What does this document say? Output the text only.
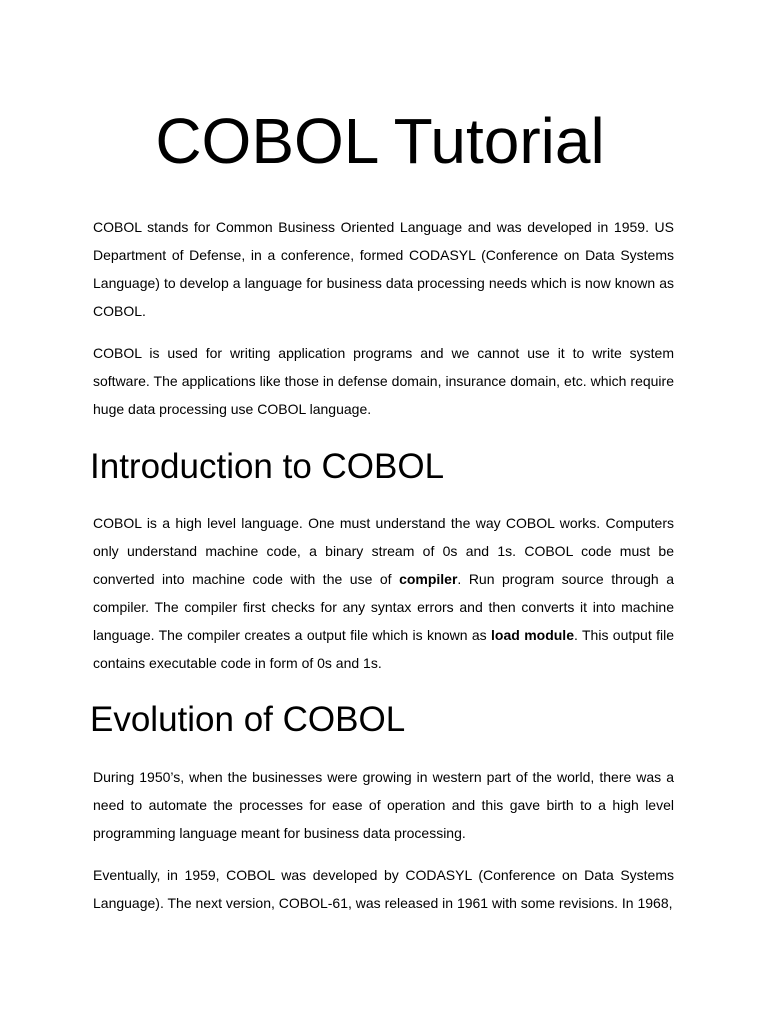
COBOL Tutorial

COBOL stands for Common Business Oriented Language and was developed in 1959. US Department of Defense, in a conference, formed CODASYL (Conference on Data Systems Language) to develop a language for business data processing needs which is now known as COBOL.

COBOL is used for writing application programs and we cannot use it to write system software. The applications like those in defense domain, insurance domain, etc. which require huge data processing use COBOL language.

Introduction to COBOL

COBOL is a high level language. One must understand the way COBOL works. Computers only understand machine code, a binary stream of 0s and 1s. COBOL code must be converted into machine code with the use of compiler. Run program source through a compiler. The compiler first checks for any syntax errors and then converts it into machine language. The compiler creates a output file which is known as load module. This output file contains executable code in form of 0s and 1s.

Evolution of COBOL

During 1950’s, when the businesses were growing in western part of the world, there was a need to automate the processes for ease of operation and this gave birth to a high level programming language meant for business data processing.

Eventually, in 1959, COBOL was developed by CODASYL (Conference on Data Systems Language). The next version, COBOL-61, was released in 1961 with some revisions. In 1968,
